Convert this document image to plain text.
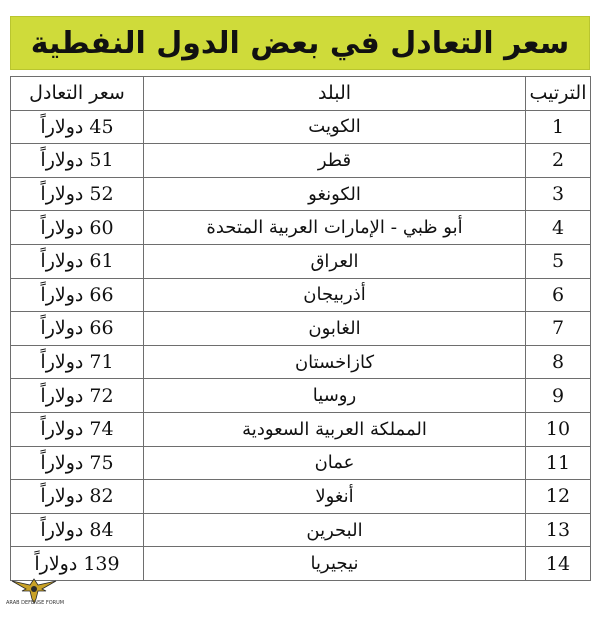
سعر التعادل في بعض الدول النفطية
الترتيب	البلد	سعر التعادل
1	الكويت	45 دولاراً
2	قطر	51 دولاراً
3	الكونغو	52 دولاراً
4	أبو ظبي - الإمارات العربية المتحدة	60 دولاراً
5	العراق	61 دولاراً
6	أذربيجان	66 دولاراً
7	الغابون	66 دولاراً
8	كازاخستان	71 دولاراً
9	روسيا	72 دولاراً
10	المملكة العربية السعودية	74 دولاراً
11	عمان	75 دولاراً
12	أنغولا	82 دولاراً
13	البحرين	84 دولاراً
14	نيجيريا	139 دولاراً
ARAB DEFENSE FORUM
